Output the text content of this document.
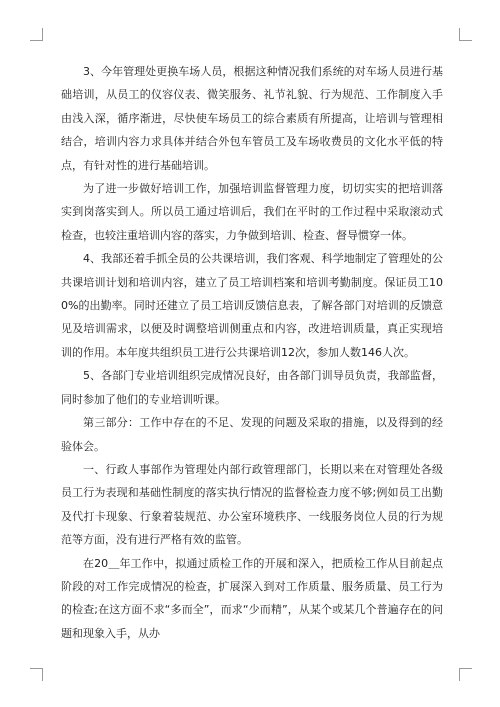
3、今年管理处更换车场人员，根据这种情况我们系统的对车场人员进行基础培训，从员工的仪容仪表、微笑服务、礼节礼貌、行为规范、工作制度入手由浅入深，循序渐进，尽快使车场员工的综合素质有所提高，让培训与管理相结合，培训内容力求具体并结合外包车管员工及车场收费员的文化水平低的特点，有针对性的进行基础培训。

为了进一步做好培训工作，加强培训监督管理力度，切切实实的把培训落实到岗落实到人。所以员工通过培训后，我们在平时的工作过程中采取滚动式检查，也较注重培训内容的落实，力争做到培训、检查、督导惯穿一体。

4、我部还着手抓全员的公共课培训，我们客观、科学地制定了管理处的公共课培训计划和培训内容，建立了员工培训档案和培训考勤制度。保证员工100%的出勤率。同时还建立了员工培训反馈信息表，了解各部门对培训的反馈意见及培训需求，以便及时调整培训侧重点和内容，改进培训质量，真正实现培训的作用。本年度共组织员工进行公共课培训12次，参加人数146人次。

5、各部门专业培训组织完成情况良好，由各部门训导员负责，我部监督，同时参加了他们的专业培训听课。

第三部分：工作中存在的不足、发现的问题及采取的措施，以及得到的经验体会。

一、行政人事部作为管理处内部行政管理部门，长期以来在对管理处各级员工行为表现和基础性制度的落实执行情况的监督检查力度不够;例如员工出勤及代打卡现象、行象着装规范、办公室环境秩序、一线服务岗位人员的行为规范等方面，没有进行严格有效的监管。

在20＿年工作中，拟通过质检工作的开展和深入，把质检工作从目前起点阶段的对工作完成情况的检查，扩展深入到对工作质量、服务质量、员工行为的检查;在这方面不求“多而全”，而求“少而精”，从某个或某几个普遍存在的问题和现象入手，从办
